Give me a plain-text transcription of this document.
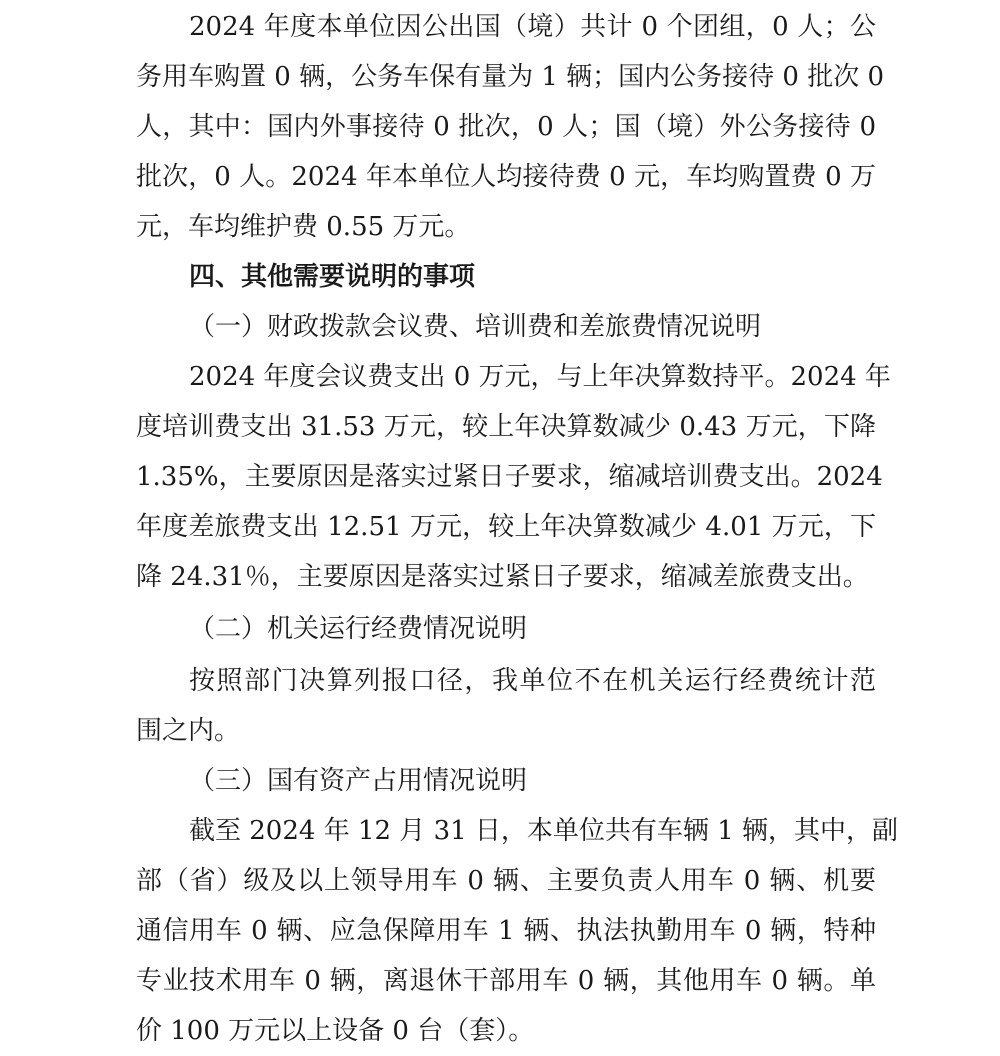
2024 年度本单位因公出国（境）共计 0 个团组，0 人；公
务用车购置 0 辆，公务车保有量为 1 辆；国内公务接待 0 批次 0
人，其中：国内外事接待 0 批次，0 人；国（境）外公务接待 0
批次，0 人。2024 年本单位人均接待费 0 元，车均购置费 0 万
元，车均维护费 0.55 万元。
四、其他需要说明的事项
（一）财政拨款会议费、培训费和差旅费情况说明
2024 年度会议费支出 0 万元，与上年决算数持平。2024 年
度培训费支出 31.53 万元，较上年决算数减少 0.43 万元，下降
1.35%，主要原因是落实过紧日子要求，缩减培训费支出。2024
年度差旅费支出 12.51 万元，较上年决算数减少 4.01 万元，下
降 24.31％，主要原因是落实过紧日子要求，缩减差旅费支出。
（二）机关运行经费情况说明
按照部门决算列报口径，我单位不在机关运行经费统计范
围之内。
（三）国有资产占用情况说明
截至 2024 年 12 月 31 日，本单位共有车辆 1 辆，其中，副
部（省）级及以上领导用车 0 辆、主要负责人用车 0 辆、机要
通信用车 0 辆、应急保障用车 1 辆、执法执勤用车 0 辆，特种
专业技术用车 0 辆，离退休干部用车 0 辆，其他用车 0 辆。单
价 100 万元以上设备 0 台（套）。
